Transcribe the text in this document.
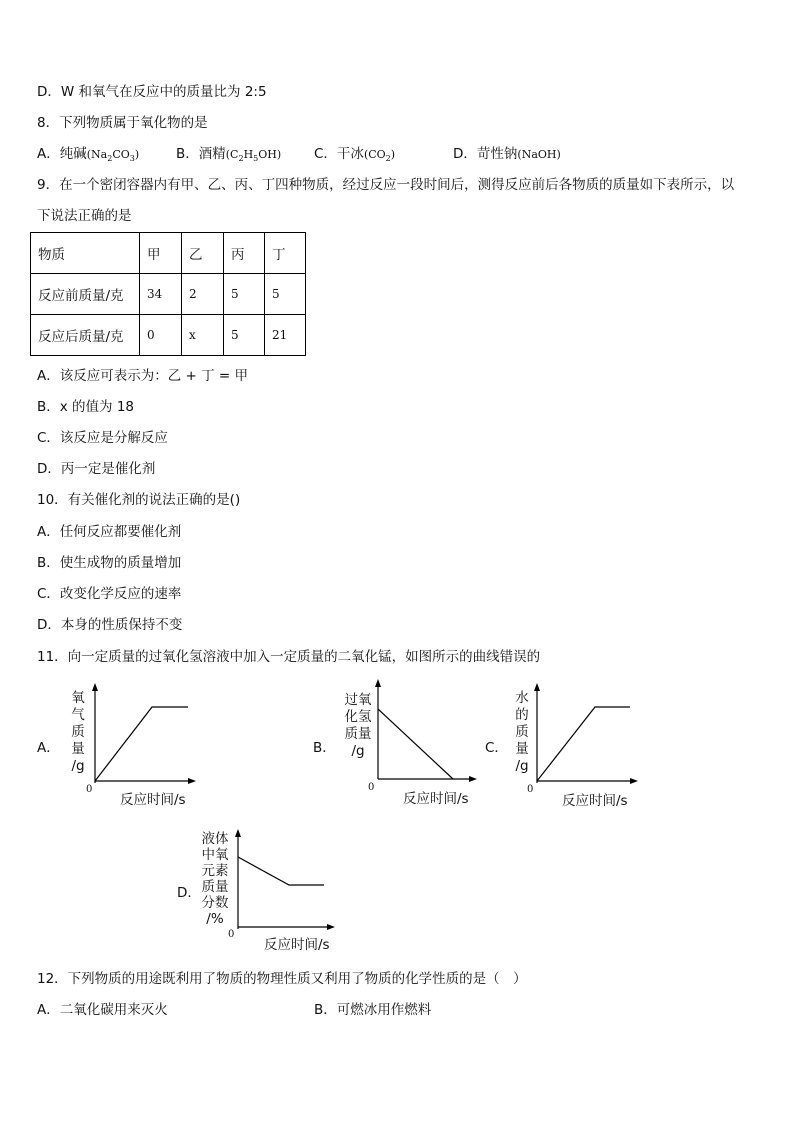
D．W 和氧气在反应中的质量比为 2:5
8．下列物质属于氧化物的是
A．纯碱$(Na_2CO_3)$	B．酒精$(C_2H_5OH)$ C．干冰$(CO_2)$	D．苛性钠(NaOH)
9．在一个密闭容器内有甲、乙、丙、丁四种物质，经过反应一段时间后，测得反应前后各物质的质量如下表所示，以
下说法正确的是
物质	甲	乙	丙	丁
反应前质量/克	34	2	5	5
反应后质量/克	0	x	5	21
A．该反应可表示为：乙 + 丁 = 甲
B．x 的值为 18
C．该反应是分解反应
D．丙一定是催化剂
10．有关催化剂的说法正确的是()
A．任何反应都要催化剂
B．使生成物的质量增加
C．改变化学反应的速率
D．本身的性质保持不变
11．向一定质量的过氧化氢溶液中加入一定质量的二氧化锰，如图所示的曲线错误的
A．
氧
气
质
量
/g
0
反应时间/s
B．
过氧
化氢
质量
/g
0
反应时间/s
C．
水
的
质
量
/g
0
反应时间/s
D．
液体
中氧
元素
质量
分数
/%
0
反应时间/s
12．下列物质的用途既利用了物质的物理性质又利用了物质的化学性质的是（　）
A．二氧化碳用来灭火	B．可燃冰用作燃料
